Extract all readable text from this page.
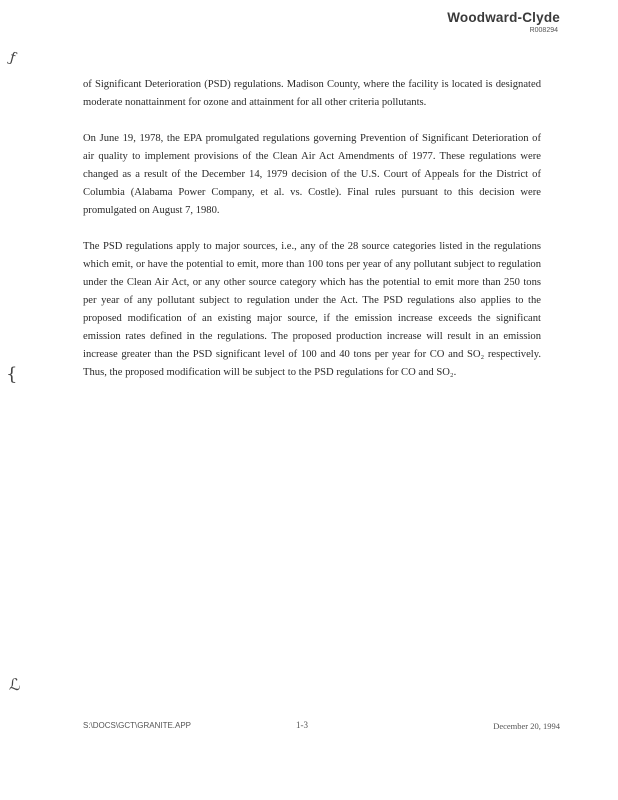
Woodward-Clyde
R008294
ƒ
{
ℒ

of Significant Deterioration (PSD) regulations. Madison County, where the facility is located is designated moderate nonattainment for ozone and attainment for all other criteria pollutants.

On June 19, 1978, the EPA promulgated regulations governing Prevention of Significant Deterioration of air quality to implement provisions of the Clean Air Act Amendments of 1977. These regulations were changed as a result of the December 14, 1979 decision of the U.S. Court of Appeals for the District of Columbia (Alabama Power Company, et al. vs. Costle). Final rules pursuant to this decision were promulgated on August 7, 1980.

The PSD regulations apply to major sources, i.e., any of the 28 source categories listed in the regulations which emit, or have the potential to emit, more than 100 tons per year of any pollutant subject to regulation under the Clean Air Act, or any other source category which has the potential to emit more than 250 tons per year of any pollutant subject to regulation under the Act. The PSD regulations also applies to the proposed modification of an existing major source, if the emission increase exceeds the significant emission rates defined in the regulations. The proposed production increase will result in an emission increase greater than the PSD significant level of 100 and 40 tons per year for CO and SO₂ respectively. Thus, the proposed modification will be subject to the PSD regulations for CO and SO₂.

S:\DOCS\GCT\GRANITE.APP	1-3	December 20, 1994
